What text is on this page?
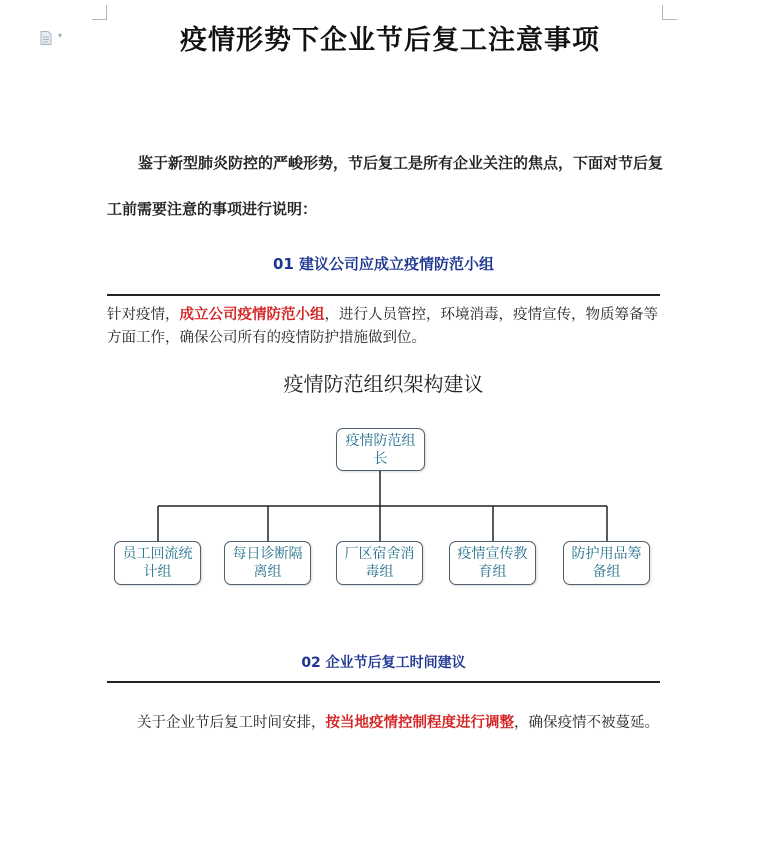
▾	疫情形势下企业节后复工注意事项
鉴于新型肺炎防控的严峻形势，节后复工是所有企业关注的焦点，下面对节后复工前需要注意的事项进行说明：
01 建议公司应成立疫情防范小组
针对疫情，成立公司疫情防范小组，进行人员管控，环境消毒，疫情宣传，物质筹备等方面工作，确保公司所有的疫情防护措施做到位。
疫情防范组织架构建议
疫情防范组长
员工回流统计组
每日诊断隔离组
厂区宿舍消毒组
疫情宣传教育组
防护用品筹备组
02 企业节后复工时间建议
关于企业节后复工时间安排，按当地疫情控制程度进行调整，确保疫情不被蔓延。
